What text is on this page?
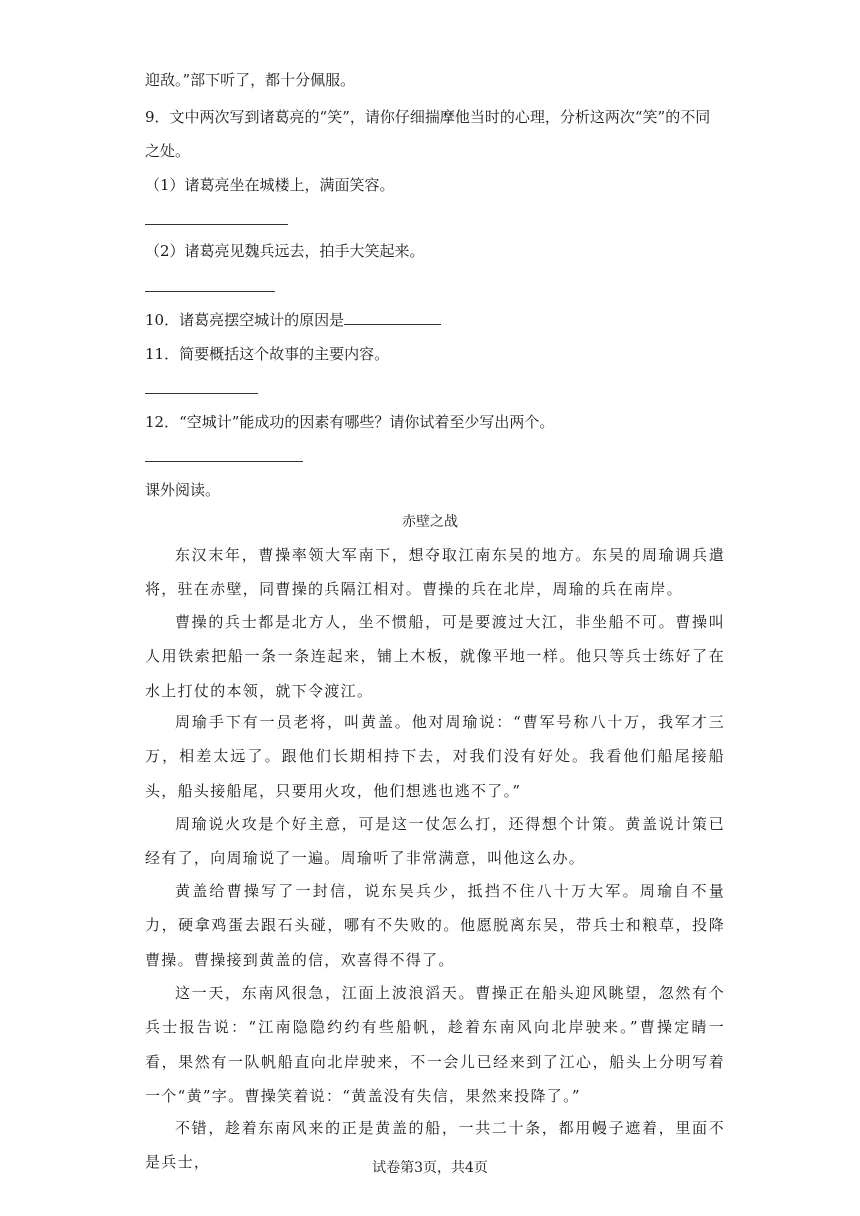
迎敌。”部下听了，都十分佩服。
9．文中两次写到诸葛亮的“笑”，请你仔细揣摩他当时的心理，分析这两次“笑”的不同
之处。
（1）诸葛亮坐在城楼上，满面笑容。
（2）诸葛亮见魏兵远去，拍手大笑起来。
10．诸葛亮摆空城计的原因是
11．简要概括这个故事的主要内容。
12．“空城计”能成功的因素有哪些？请你试着至少写出两个。
课外阅读。
赤壁之战
东汉末年，曹操率领大军南下，想夺取江南东吴的地方。东吴的周瑜调兵遣将，驻在赤壁，同曹操的兵隔江相对。曹操的兵在北岸，周瑜的兵在南岸。
曹操的兵士都是北方人，坐不惯船，可是要渡过大江，非坐船不可。曹操叫人用铁索把船一条一条连起来，铺上木板，就像平地一样。他只等兵士练好了在水上打仗的本领，就下令渡江。
周瑜手下有一员老将，叫黄盖。他对周瑜说：“曹军号称八十万，我军才三万，相差太远了。跟他们长期相持下去，对我们没有好处。我看他们船尾接船头，船头接船尾，只要用火攻，他们想逃也逃不了。”
周瑜说火攻是个好主意，可是这一仗怎么打，还得想个计策。黄盖说计策已经有了，向周瑜说了一遍。周瑜听了非常满意，叫他这么办。
黄盖给曹操写了一封信，说东吴兵少，抵挡不住八十万大军。周瑜自不量力，硬拿鸡蛋去跟石头碰，哪有不失败的。他愿脱离东吴，带兵士和粮草，投降曹操。曹操接到黄盖的信，欢喜得不得了。
这一天，东南风很急，江面上波浪滔天。曹操正在船头迎风眺望，忽然有个兵士报告说：“江南隐隐约约有些船帆，趁着东南风向北岸驶来。”曹操定睛一看，果然有一队帆船直向北岸驶来，不一会儿已经来到了江心，船头上分明写着一个“黄”字。曹操笑着说：“黄盖没有失信，果然来投降了。”
不错，趁着东南风来的正是黄盖的船，一共二十条，都用幔子遮着，里面不是兵士，	试卷第3页，共4页
